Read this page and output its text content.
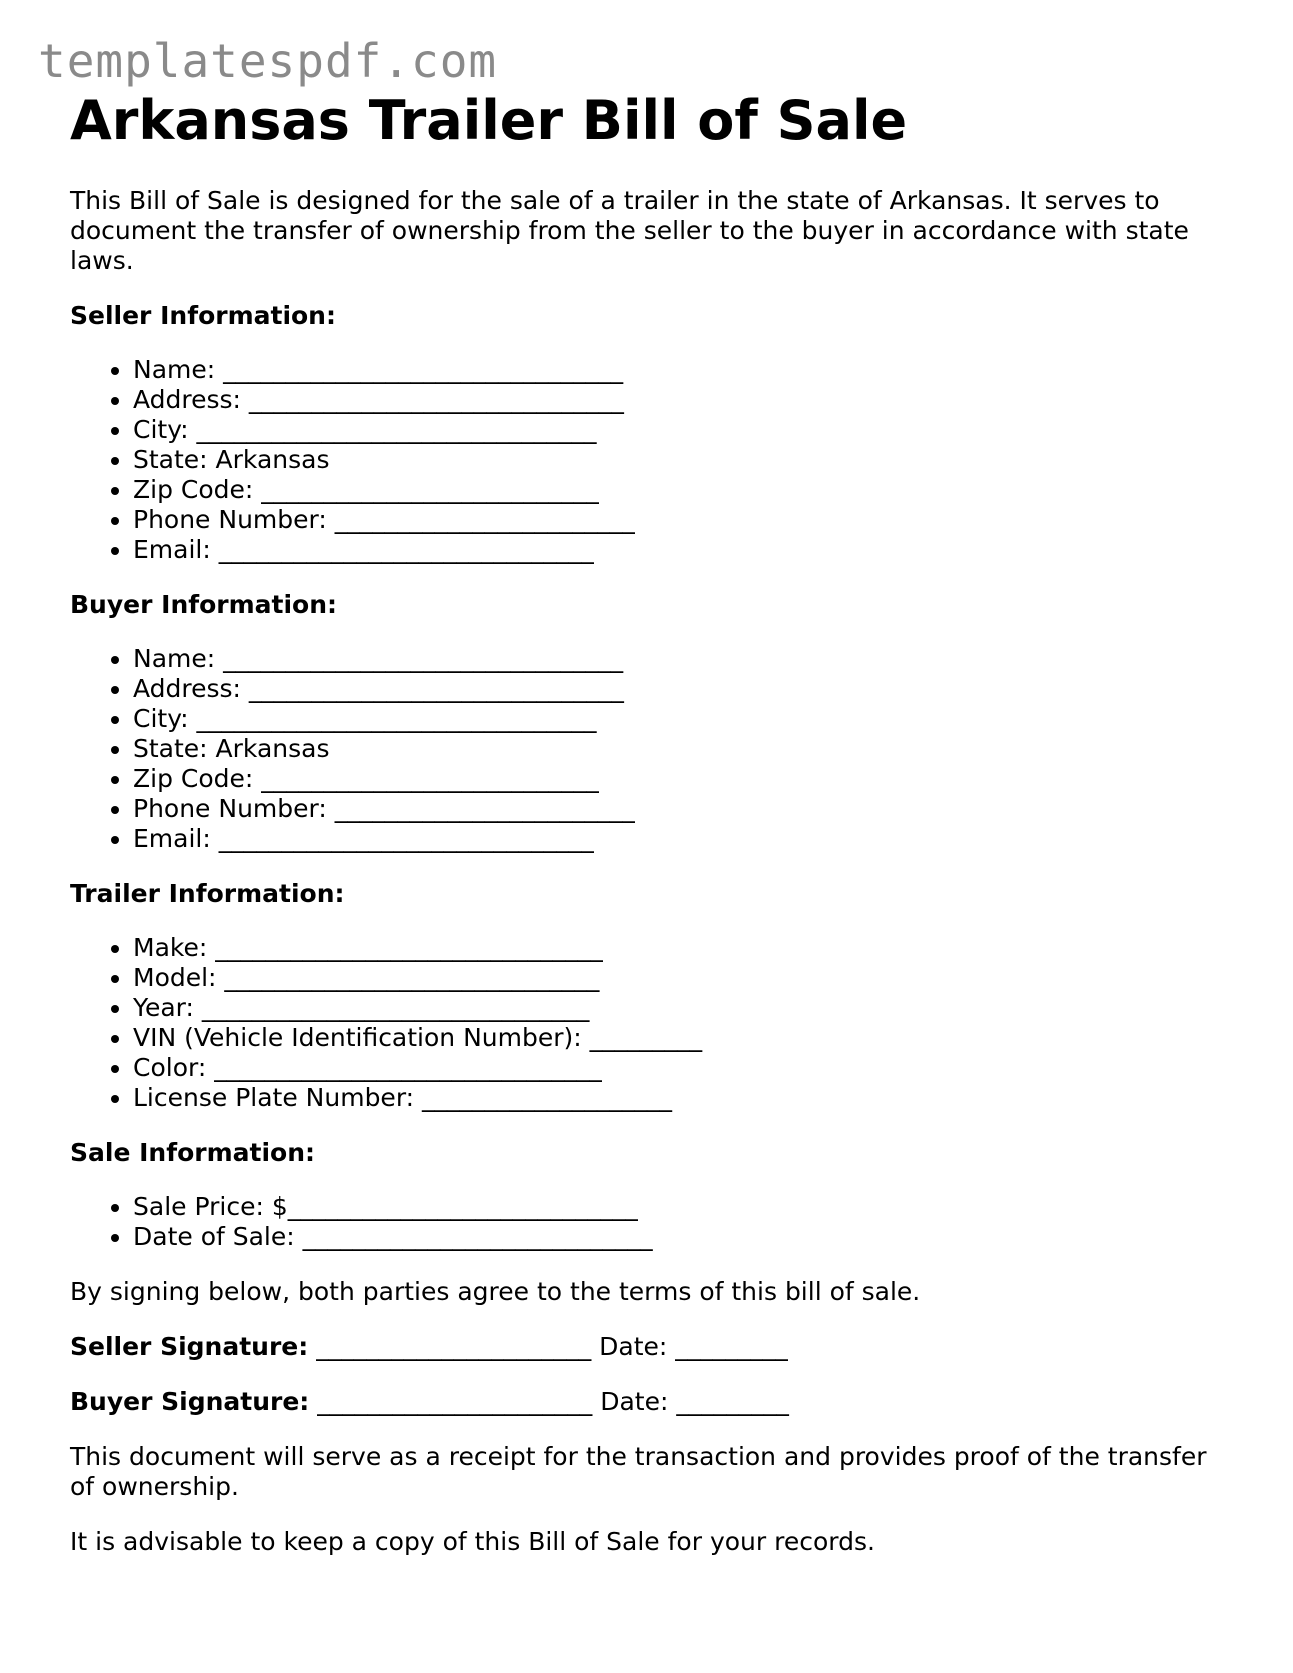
templatespdf.com
Arkansas Trailer Bill of Sale

This Bill of Sale is designed for the sale of a trailer in the state of Arkansas. It serves to document the transfer of ownership from the seller to the buyer in accordance with state laws.

Seller Information:
• Name: ________________________________
• Address: ______________________________
• City: ________________________________
• State: Arkansas
• Zip Code: ___________________________
• Phone Number: ________________________
• Email: ______________________________
Buyer Information:
• Name: ________________________________
• Address: ______________________________
• City: ________________________________
• State: Arkansas
• Zip Code: ___________________________
• Phone Number: ________________________
• Email: ______________________________
Trailer Information:
• Make: _______________________________
• Model: ______________________________
• Year: _______________________________
• VIN (Vehicle Identification Number): _________
• Color: _______________________________
• License Plate Number: ____________________
Sale Information:
• Sale Price: $____________________________
• Date of Sale: ____________________________

By signing below, both parties agree to the terms of this bill of sale.

Seller Signature: ______________________ Date: _________
Buyer Signature: ______________________ Date: _________

This document will serve as a receipt for the transaction and provides proof of the transfer of ownership.

It is advisable to keep a copy of this Bill of Sale for your records.
